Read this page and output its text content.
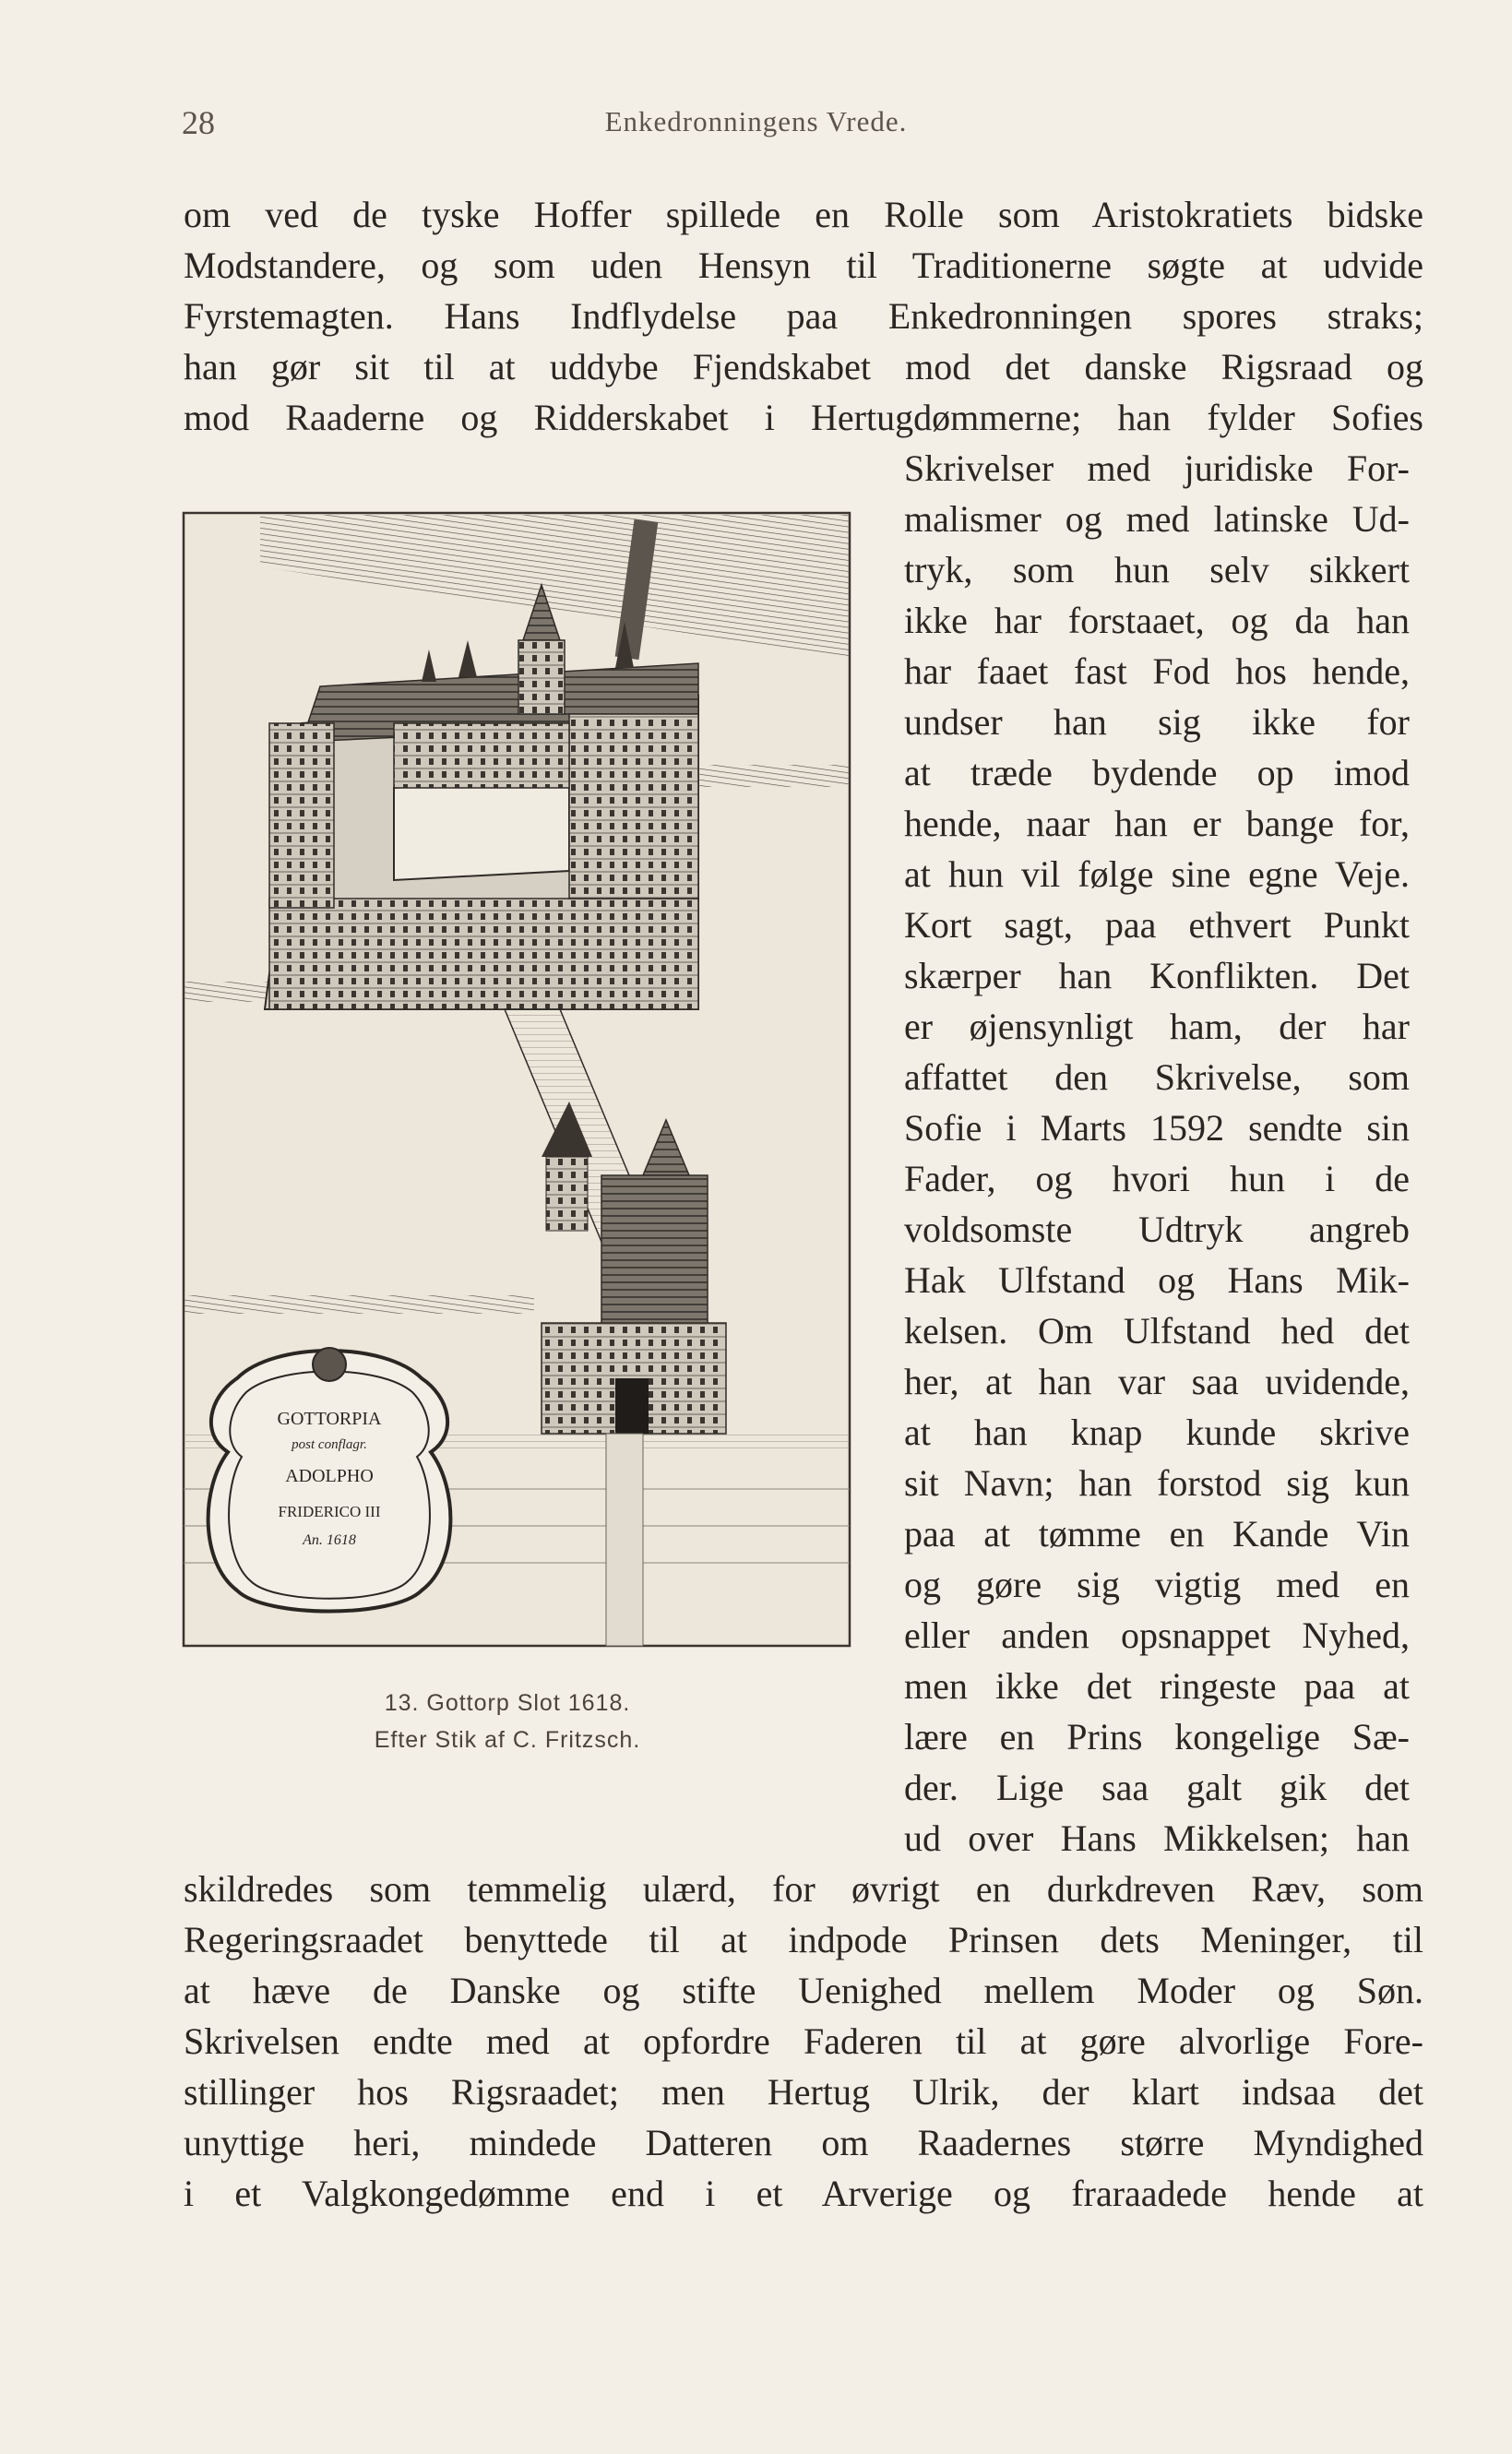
28	Enkedronningens Vrede.
om ved de tyske Hoffer spillede en Rolle som Aristokratiets bidske
Modstandere, og som uden Hensyn til Traditionerne søgte at udvide
Fyrstemagten. Hans Indflydelse paa Enkedronningen spores straks;
han gør sit til at uddybe Fjendskabet mod det danske Rigsraad og
mod Raaderne og Ridderskabet i Hertugdømmerne; han fylder Sofies
Skrivelser med juridiske For-
malismer og med latinske Ud-
tryk, som hun selv sikkert
ikke har forstaaet, og da han
har faaet fast Fod hos hende,
undser han sig ikke for
at træde bydende op imod
hende, naar han er bange for,
at hun vil følge sine egne Veje.
Kort sagt, paa ethvert Punkt
skærper han Konflikten. Det
er øjensynligt ham, der har
affattet den Skrivelse, som
Sofie i Marts 1592 sendte sin
Fader, og hvori hun i de
voldsomste Udtryk angreb
Hak Ulfstand og Hans Mik-
kelsen. Om Ulfstand hed det
her, at han var saa uvidende,
at han knap kunde skrive
sit Navn; han forstod sig kun
paa at tømme en Kande Vin
og gøre sig vigtig med en
eller anden opsnappet Nyhed,
men ikke det ringeste paa at
lære en Prins kongelige Sæ-
der. Lige saa galt gik det
ud over Hans Mikkelsen; han
GOTTORPIA
post conflagr.
ADOLPHO
FRIDERICO III
An. 1618
13. Gottorp Slot 1618.
Efter Stik af C. Fritzsch.
skildredes som temmelig ulærd, for øvrigt en durkdreven Ræv, som
Regeringsraadet benyttede til at indpode Prinsen dets Meninger, til
at hæve de Danske og stifte Uenighed mellem Moder og Søn.
Skrivelsen endte med at opfordre Faderen til at gøre alvorlige Fore-
stillinger hos Rigsraadet; men Hertug Ulrik, der klart indsaa det
unyttige heri, mindede Datteren om Raadernes større Myndighed
i et Valgkongedømme end i et Arverige og fraraadede hende at
